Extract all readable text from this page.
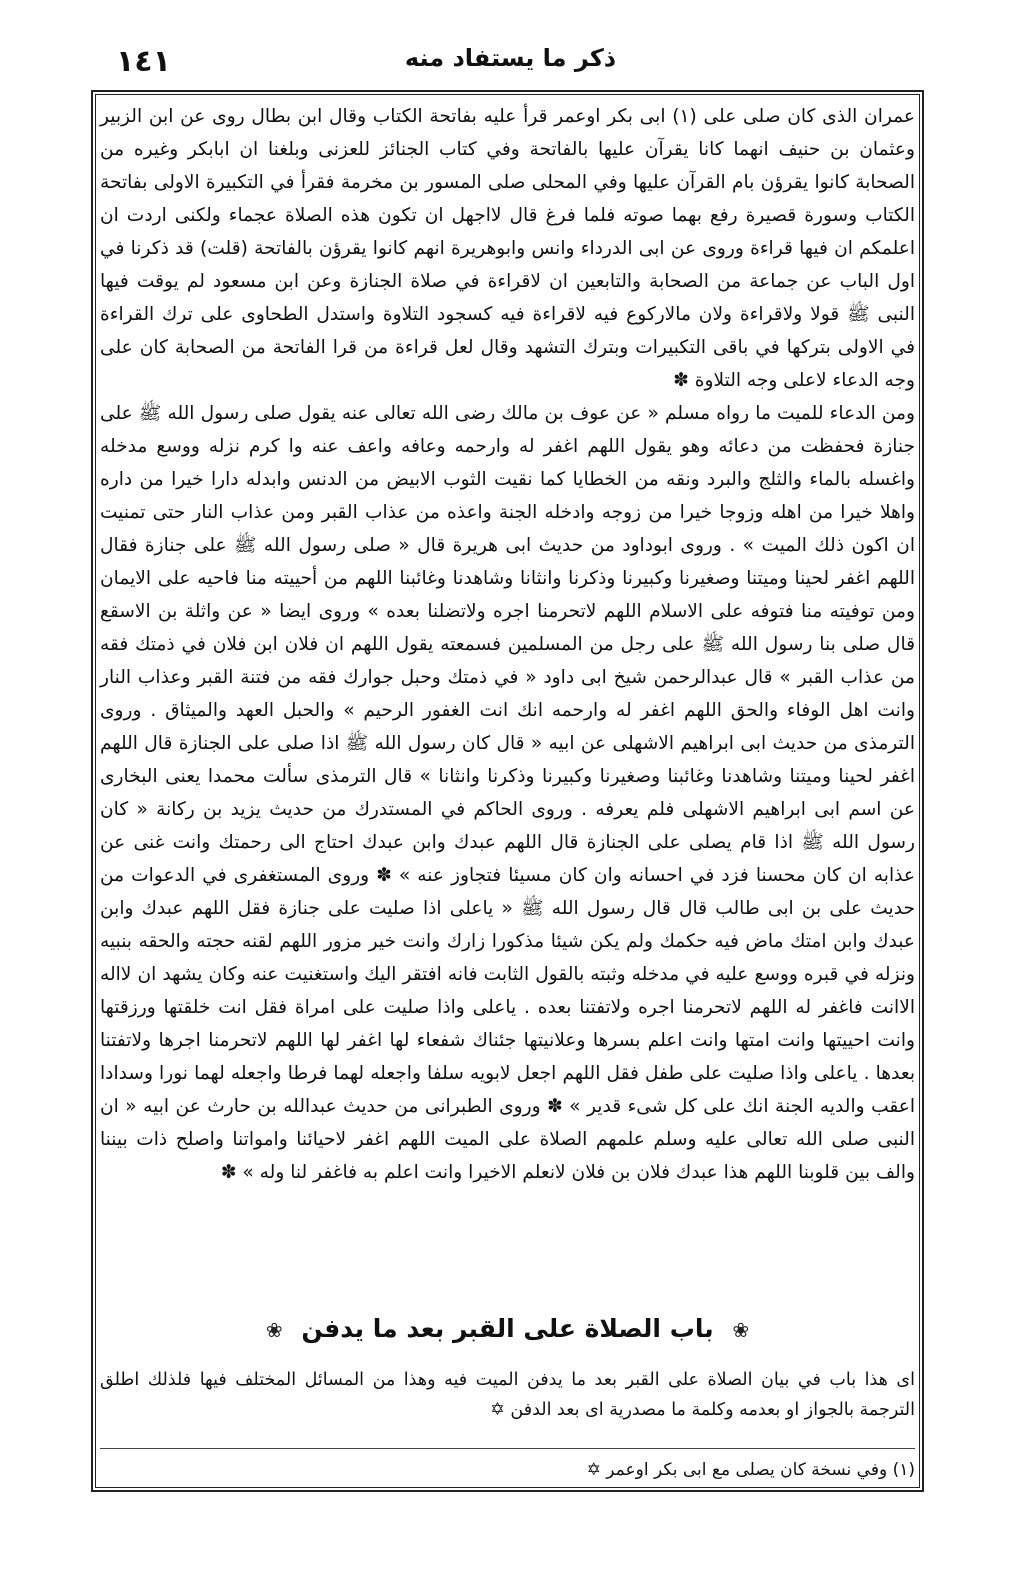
١٤١	ذكر ما يستفاد منه

عمران الذى كان صلى على (١) ابى بكر اوعمر قرأ عليه بفاتحة الكتاب وقال ابن بطال روى عن ابن الزبير وعثمان بن حنيف انهما كانا يقرآن عليها بالفاتحة وفي كتاب الجنائز للعزنى وبلغنا ان ابابكر وغيره من الصحابة كانوا يقرؤن بام القرآن عليها وفي المحلى صلى المسور بن مخرمة فقرأ في التكبيرة الاولى بفاتحة الكتاب وسورة قصيرة رفع بهما صوته فلما فرغ قال لااجهل ان تكون هذه الصلاة عجماء ولكنى اردت ان اعلمكم ان فيها قراءة وروى عن ابى الدرداء وانس وابوهريرة انهم كانوا يقرؤن بالفاتحة (قلت) قد ذكرنا في اول الباب عن جماعة من الصحابة والتابعين ان لاقراءة في صلاة الجنازة وعن ابن مسعود لم يوقت فيها النبى ﷺ قولا ولاقراءة ولان مالاركوع فيه لاقراءة فيه كسجود التلاوة واستدل الطحاوى على ترك القراءة في الاولى بتركها في باقى التكبيرات وبترك التشهد وقال لعل قراءة من قرا الفاتحة من الصحابة كان على وجه الدعاء لاعلى وجه التلاوة ✽

ومن الدعاء للميت ما رواه مسلم « عن عوف بن مالك رضى الله تعالى عنه يقول صلى رسول الله ﷺ على جنازة فحفظت من دعائه وهو يقول اللهم اغفر له وارحمه وعافه واعف عنه وا كرم نزله ووسع مدخله واغسله بالماء والثلج والبرد ونقه من الخطايا كما نقيت الثوب الابيض من الدنس وابدله دارا خيرا من داره واهلا خيرا من اهله وزوجا خيرا من زوجه وادخله الجنة واعذه من عذاب القبر ومن عذاب النار حتى تمنيت ان اكون ذلك الميت » . وروى ابوداود من حديث ابى هريرة قال « صلى رسول الله ﷺ على جنازة فقال اللهم اغفر لحينا وميتنا وصغيرنا وكبيرنا وذكرنا وانثانا وشاهدنا وغائبنا اللهم من أحييته منا فاحيه على الايمان ومن توفيته منا فتوفه على الاسلام اللهم لاتحرمنا اجره ولاتضلنا بعده » وروى ايضا « عن واثلة بن الاسقع قال صلى بنا رسول الله ﷺ على رجل من المسلمين فسمعته يقول اللهم ان فلان ابن فلان في ذمتك فقه من عذاب القبر » قال عبدالرحمن شيخ ابى داود « في ذمتك وحبل جوارك فقه من فتنة القبر وعذاب النار وانت اهل الوفاء والحق اللهم اغفر له وارحمه انك انت الغفور الرحيم » والحبل العهد والميثاق . وروى الترمذى من حديث ابى ابراهيم الاشهلى عن ابيه « قال كان رسول الله ﷺ اذا صلى على الجنازة قال اللهم اغفر لحينا وميتنا وشاهدنا وغائبنا وصغيرنا وكبيرنا وذكرنا وانثانا » قال الترمذى سألت محمدا يعنى البخارى عن اسم ابى ابراهيم الاشهلى فلم يعرفه . وروى الحاكم في المستدرك من حديث يزيد بن ركانة « كان رسول الله ﷺ اذا قام يصلى على الجنازة قال اللهم عبدك وابن عبدك احتاج الى رحمتك وانت غنى عن عذابه ان كان محسنا فزد في احسانه وان كان مسيئا فتجاوز عنه » ✽ وروى المستغفرى في الدعوات من حديث على بن ابى طالب قال قال رسول الله ﷺ « ياعلى اذا صليت على جنازة فقل اللهم عبدك وابن عبدك وابن امتك ماض فيه حكمك ولم يكن شيئا مذكورا زارك وانت خير مزور اللهم لقنه حجته والحقه بنبيه ونزله في قبره ووسع عليه في مدخله وثبته بالقول الثابت فانه افتقر اليك واستغنيت عنه وكان يشهد ان لااله الاانت فاغفر له اللهم لاتحرمنا اجره ولاتفتنا بعده . ياعلى واذا صليت على امراة فقل انت خلقتها ورزقتها وانت احييتها وانت امتها وانت اعلم بسرها وعلانيتها جئناك شفعاء لها اغفر لها اللهم لاتحرمنا اجرها ولاتفتنا بعدها . ياعلى واذا صليت على طفل فقل اللهم اجعل لابويه سلفا واجعله لهما فرطا واجعله لهما نورا وسدادا اعقب والديه الجنة انك على كل شىء قدير » ✽ وروى الطبرانى من حديث عبدالله بن حارث عن ابيه « ان النبى صلى الله تعالى عليه وسلم علمهم الصلاة على الميت اللهم اغفر لاحيائنا وامواتنا واصلح ذات بيننا والف بين قلوبنا اللهم هذا عبدك فلان بن فلان لانعلم الاخيرا وانت اعلم به فاغفر لنا وله » ✽

❀ باب الصلاة على القبر بعد ما يدفن ❀
اى هذا باب في بيان الصلاة على القبر بعد ما يدفن الميت فيه وهذا من المسائل المختلف فيها فلذلك اطلق الترجمة بالجواز او بعدمه وكلمة ما مصدرية اى بعد الدفن ✡
(١) وفي نسخة كان يصلى مع ابى بكر اوعمر ✡
